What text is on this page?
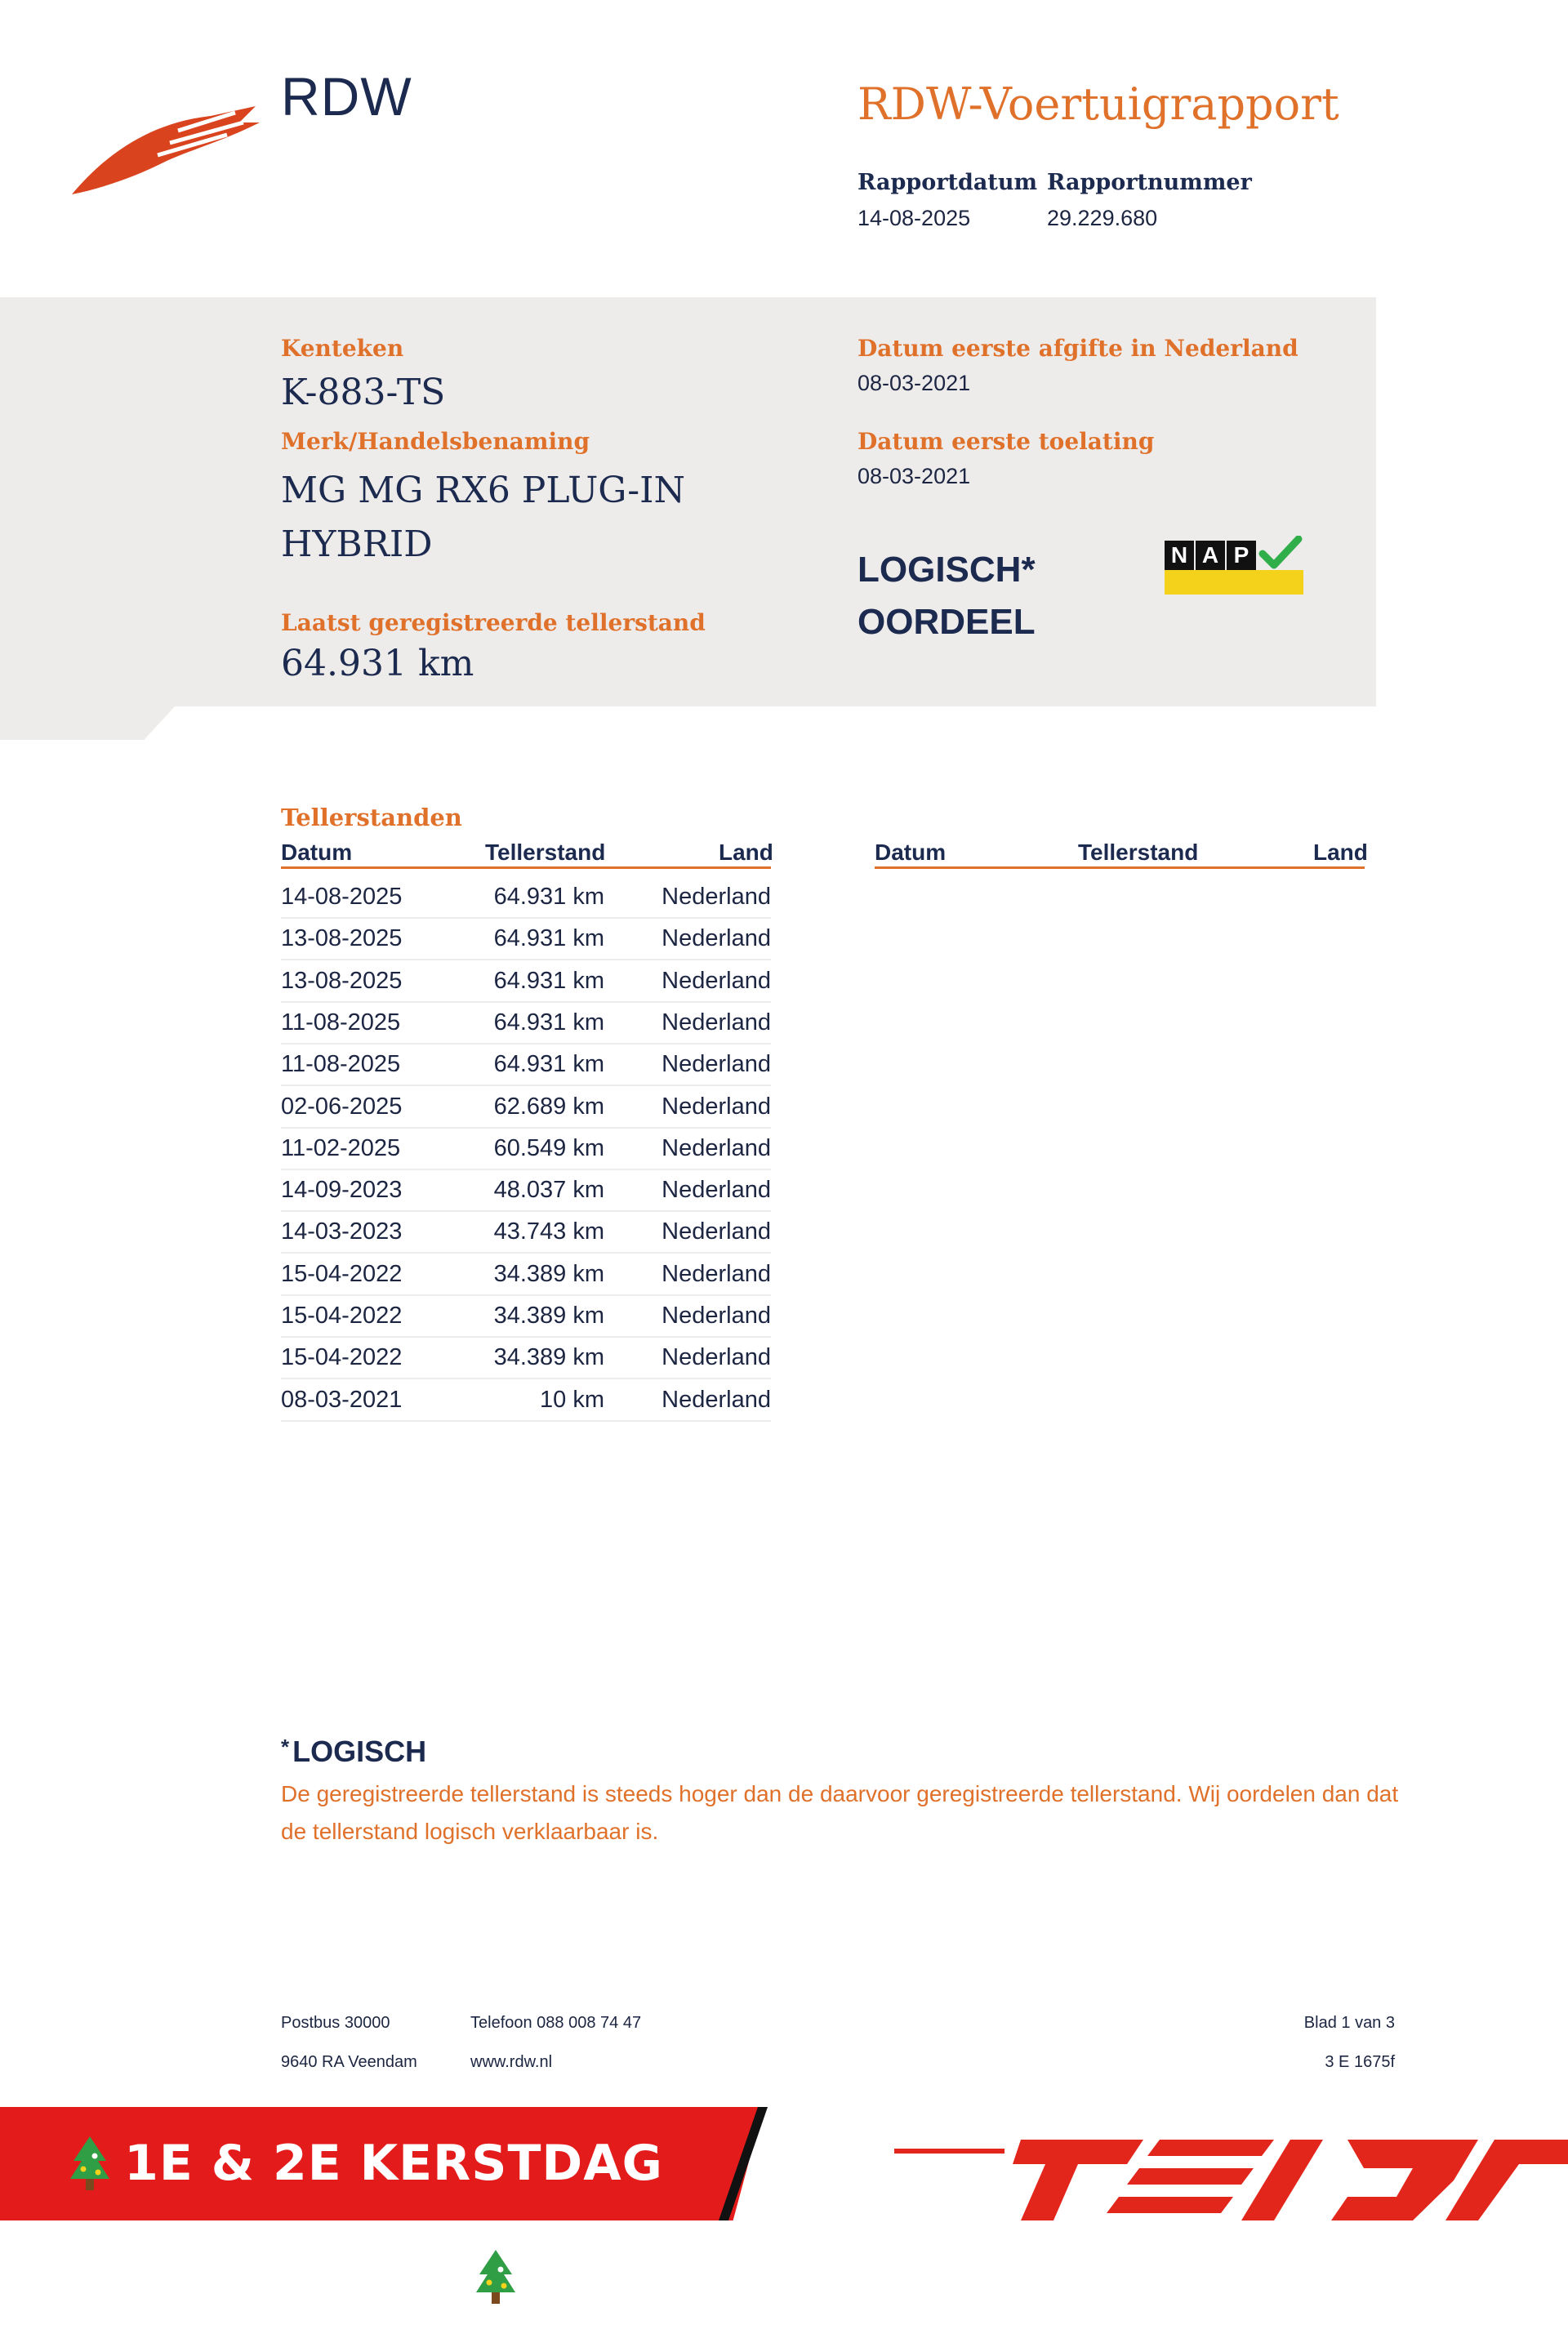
RDW	RDW-Voertuigrapport
Rapportdatum
14-08-2025
Rapportnummer
29.229.680
Kenteken
K-883-TS
Merk/Handelsbenaming
MG MG RX6 PLUG-IN
HYBRID
Laatst geregistreerde tellerstand
64.931 km
Datum eerste afgifte in Nederland
08-03-2021
Datum eerste toelating
08-03-2021
LOGISCH*
OORDEEL
N A P
Tellerstanden
Datum	Tellerstand	Land	Datum	Tellerstand	Land
14-08-2025	64.931 km Nederland
13-08-2025	64.931 km Nederland
13-08-2025	64.931 km Nederland
11-08-2025	64.931 km Nederland
11-08-2025	64.931 km Nederland
02-06-2025	62.689 km Nederland
11-02-2025	60.549 km Nederland
14-09-2023	48.037 km Nederland
14-03-2023	43.743 km Nederland
15-04-2022	34.389 km Nederland
15-04-2022	34.389 km Nederland
15-04-2022	34.389 km Nederland
08-03-2021	10 km Nederland
* LOGISCH
De geregistreerde tellerstand is steeds hoger dan de daarvoor geregistreerde tellerstand. Wij oordelen dan dat de tellerstand logisch verklaarbaar is.
Postbus 30000
9640 RA Veendam
Telefoon 088 008 74 47
www.rdw.nl
Blad 1 van 3
3 E 1675f
1E & 2E KERSTDAG GEOPEND
